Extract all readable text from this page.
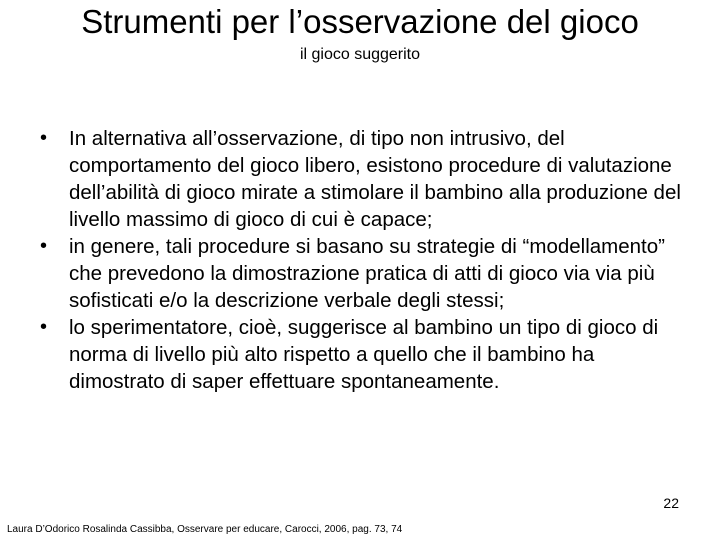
Strumenti per l’osservazione del gioco
il gioco suggerito
•	In alternativa all’osservazione, di tipo non intrusivo, del comportamento del gioco libero, esistono procedure di valutazione dell’abilità di gioco mirate a stimolare il bambino alla produzione del livello massimo di gioco di cui è capace;
•	in genere, tali procedure si basano su strategie di “modellamento” che prevedono la dimostrazione pratica di atti di gioco via via più sofisticati e/o la descrizione verbale degli stessi;
•	lo sperimentatore, cioè, suggerisce al bambino un tipo di gioco di norma di livello più alto rispetto a quello che il bambino ha dimostrato di saper effettuare spontaneamente.
22
Laura D’Odorico Rosalinda Cassibba, Osservare per educare, Carocci, 2006, pag. 73, 74
